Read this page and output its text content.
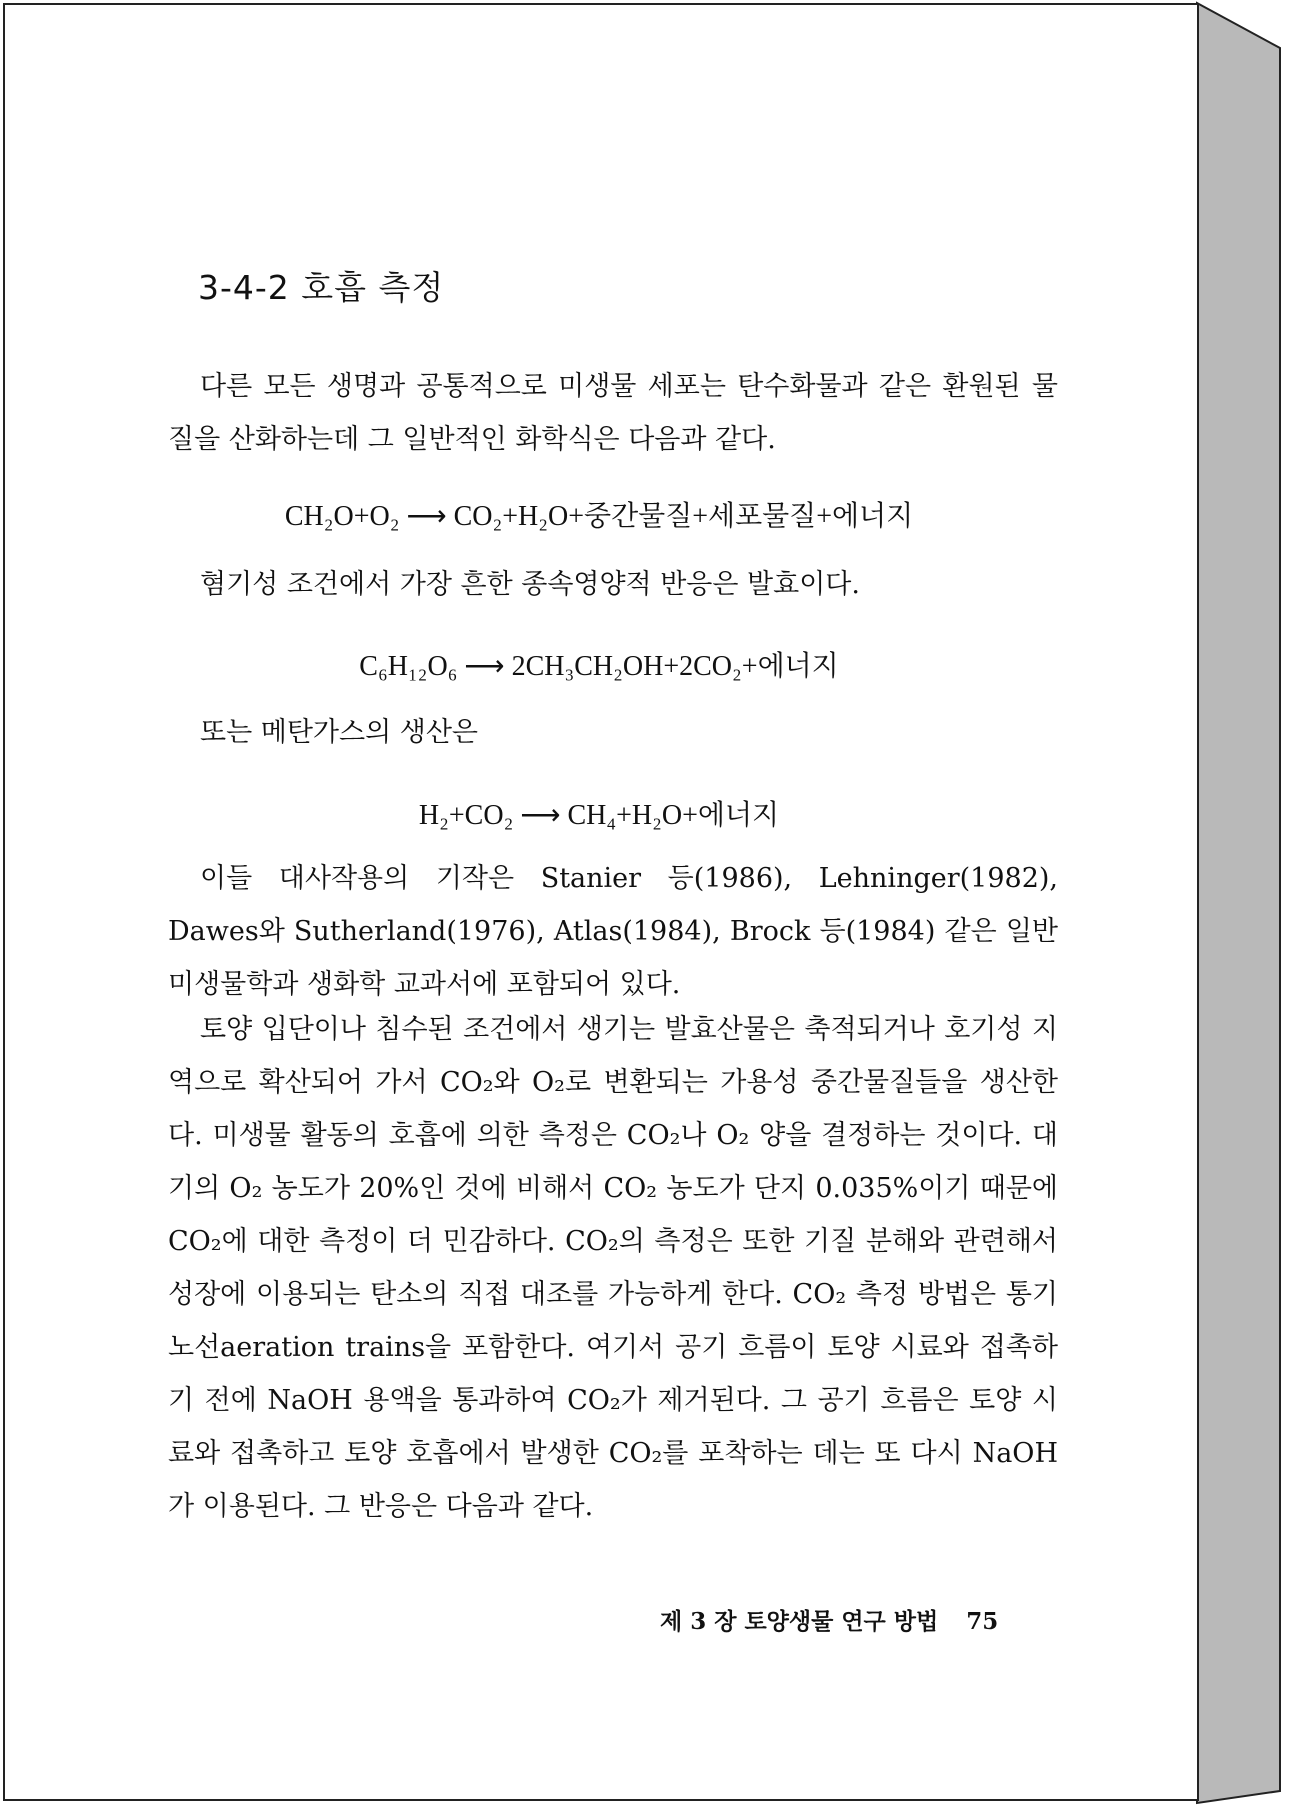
3-4-2 호흡 측정

다른 모든 생명과 공통적으로 미생물 세포는 탄수화물과 같은 환원된 물질을 산화하는데 그 일반적인 화학식은 다음과 같다.

CH₂O+O₂ ⟶ CO₂+H₂O+중간물질+세포물질+에너지

혐기성 조건에서 가장 흔한 종속영양적 반응은 발효이다.

C₆H₁₂O₆ ⟶ 2CH₃CH₂OH+2CO₂+에너지

또는 메탄가스의 생산은

H₂+CO₂ ⟶ CH₄+H₂O+에너지

이들 대사작용의 기작은 Stanier 등(1986), Lehninger(1982), Dawes와 Sutherland(1976), Atlas(1984), Brock 등(1984) 같은 일반 미생물학과 생화학 교과서에 포함되어 있다.

토양 입단이나 침수된 조건에서 생기는 발효산물은 축적되거나 호기성 지역으로 확산되어 가서 CO₂와 O₂로 변환되는 가용성 중간물질들을 생산한다. 미생물 활동의 호흡에 의한 측정은 CO₂나 O₂ 양을 결정하는 것이다. 대기의 O₂ 농도가 20%인 것에 비해서 CO₂ 농도가 단지 0.035%이기 때문에 CO₂에 대한 측정이 더 민감하다. CO₂의 측정은 또한 기질 분해와 관련해서 성장에 이용되는 탄소의 직접 대조를 가능하게 한다. CO₂ 측정 방법은 통기 노선aeration trains을 포함한다. 여기서 공기 흐름이 토양 시료와 접촉하기 전에 NaOH 용액을 통과하여 CO₂가 제거된다. 그 공기 흐름은 토양 시료와 접촉하고 토양 호흡에서 발생한 CO₂를 포착하는 데는 또 다시 NaOH가 이용된다. 그 반응은 다음과 같다.

제 3 장 토양생물 연구 방법 75
